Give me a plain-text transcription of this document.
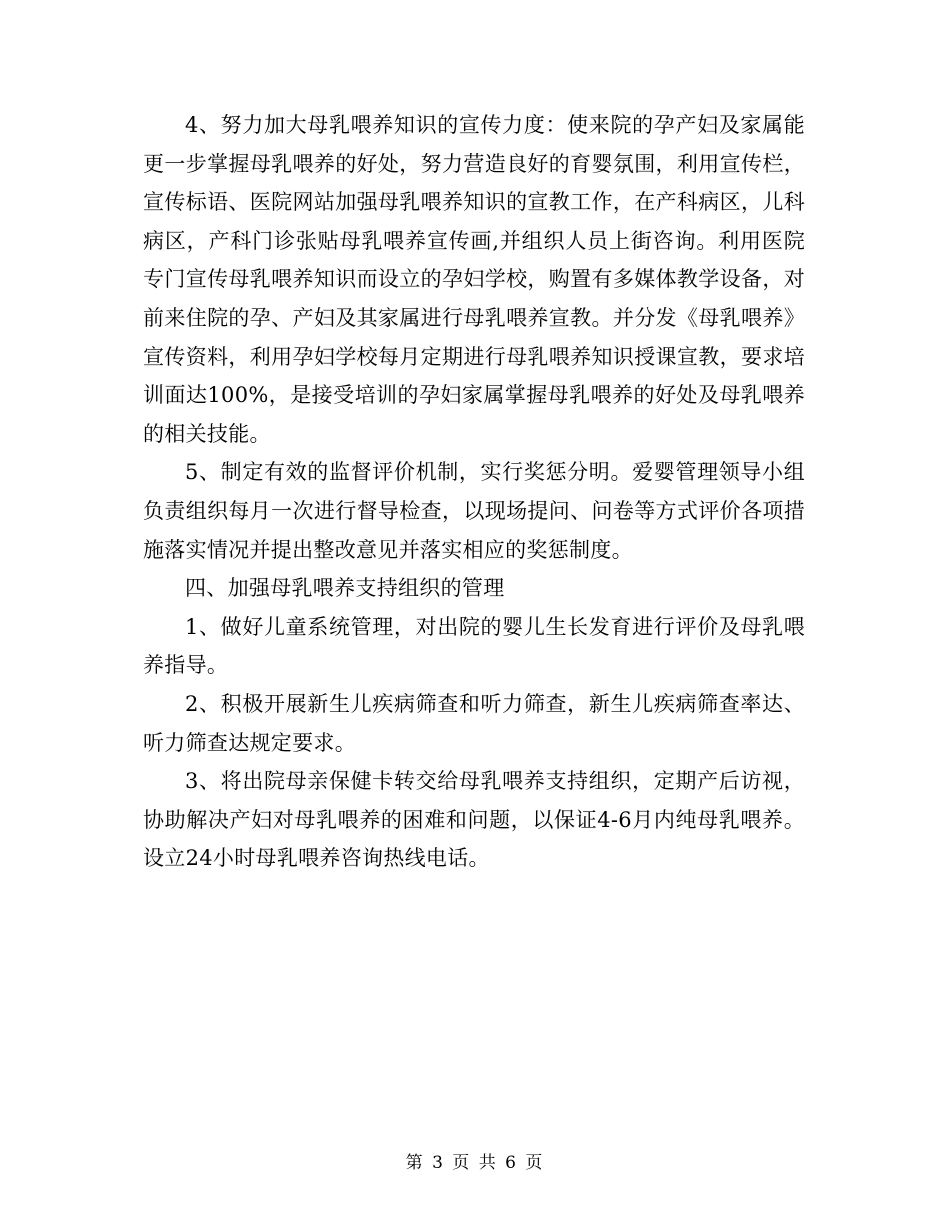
4、努力加大母乳喂养知识的宣传力度：使来院的孕产妇及家属能更一步掌握母乳喂养的好处，努力营造良好的育婴氛围，利用宣传栏，宣传标语、医院网站加强母乳喂养知识的宣教工作，在产科病区，儿科病区，产科门诊张贴母乳喂养宣传画,并组织人员上街咨询。利用医院专门宣传母乳喂养知识而设立的孕妇学校，购置有多媒体教学设备，对前来住院的孕、产妇及其家属进行母乳喂养宣教。并分发《母乳喂养》宣传资料，利用孕妇学校每月定期进行母乳喂养知识授课宣教，要求培训面达100%，是接受培训的孕妇家属掌握母乳喂养的好处及母乳喂养的相关技能。

5、制定有效的监督评价机制，实行奖惩分明。爱婴管理领导小组负责组织每月一次进行督导检查，以现场提问、问卷等方式评价各项措施落实情况并提出整改意见并落实相应的奖惩制度。

四、加强母乳喂养支持组织的管理

1、做好儿童系统管理，对出院的婴儿生长发育进行评价及母乳喂养指导。

2、积极开展新生儿疾病筛查和听力筛查，新生儿疾病筛查率达、听力筛查达规定要求。

3、将出院母亲保健卡转交给母乳喂养支持组织，定期产后访视，协助解决产妇对母乳喂养的困难和问题，以保证4-6月内纯母乳喂养。设立24小时母乳喂养咨询热线电话。

第 3 页 共 6 页
